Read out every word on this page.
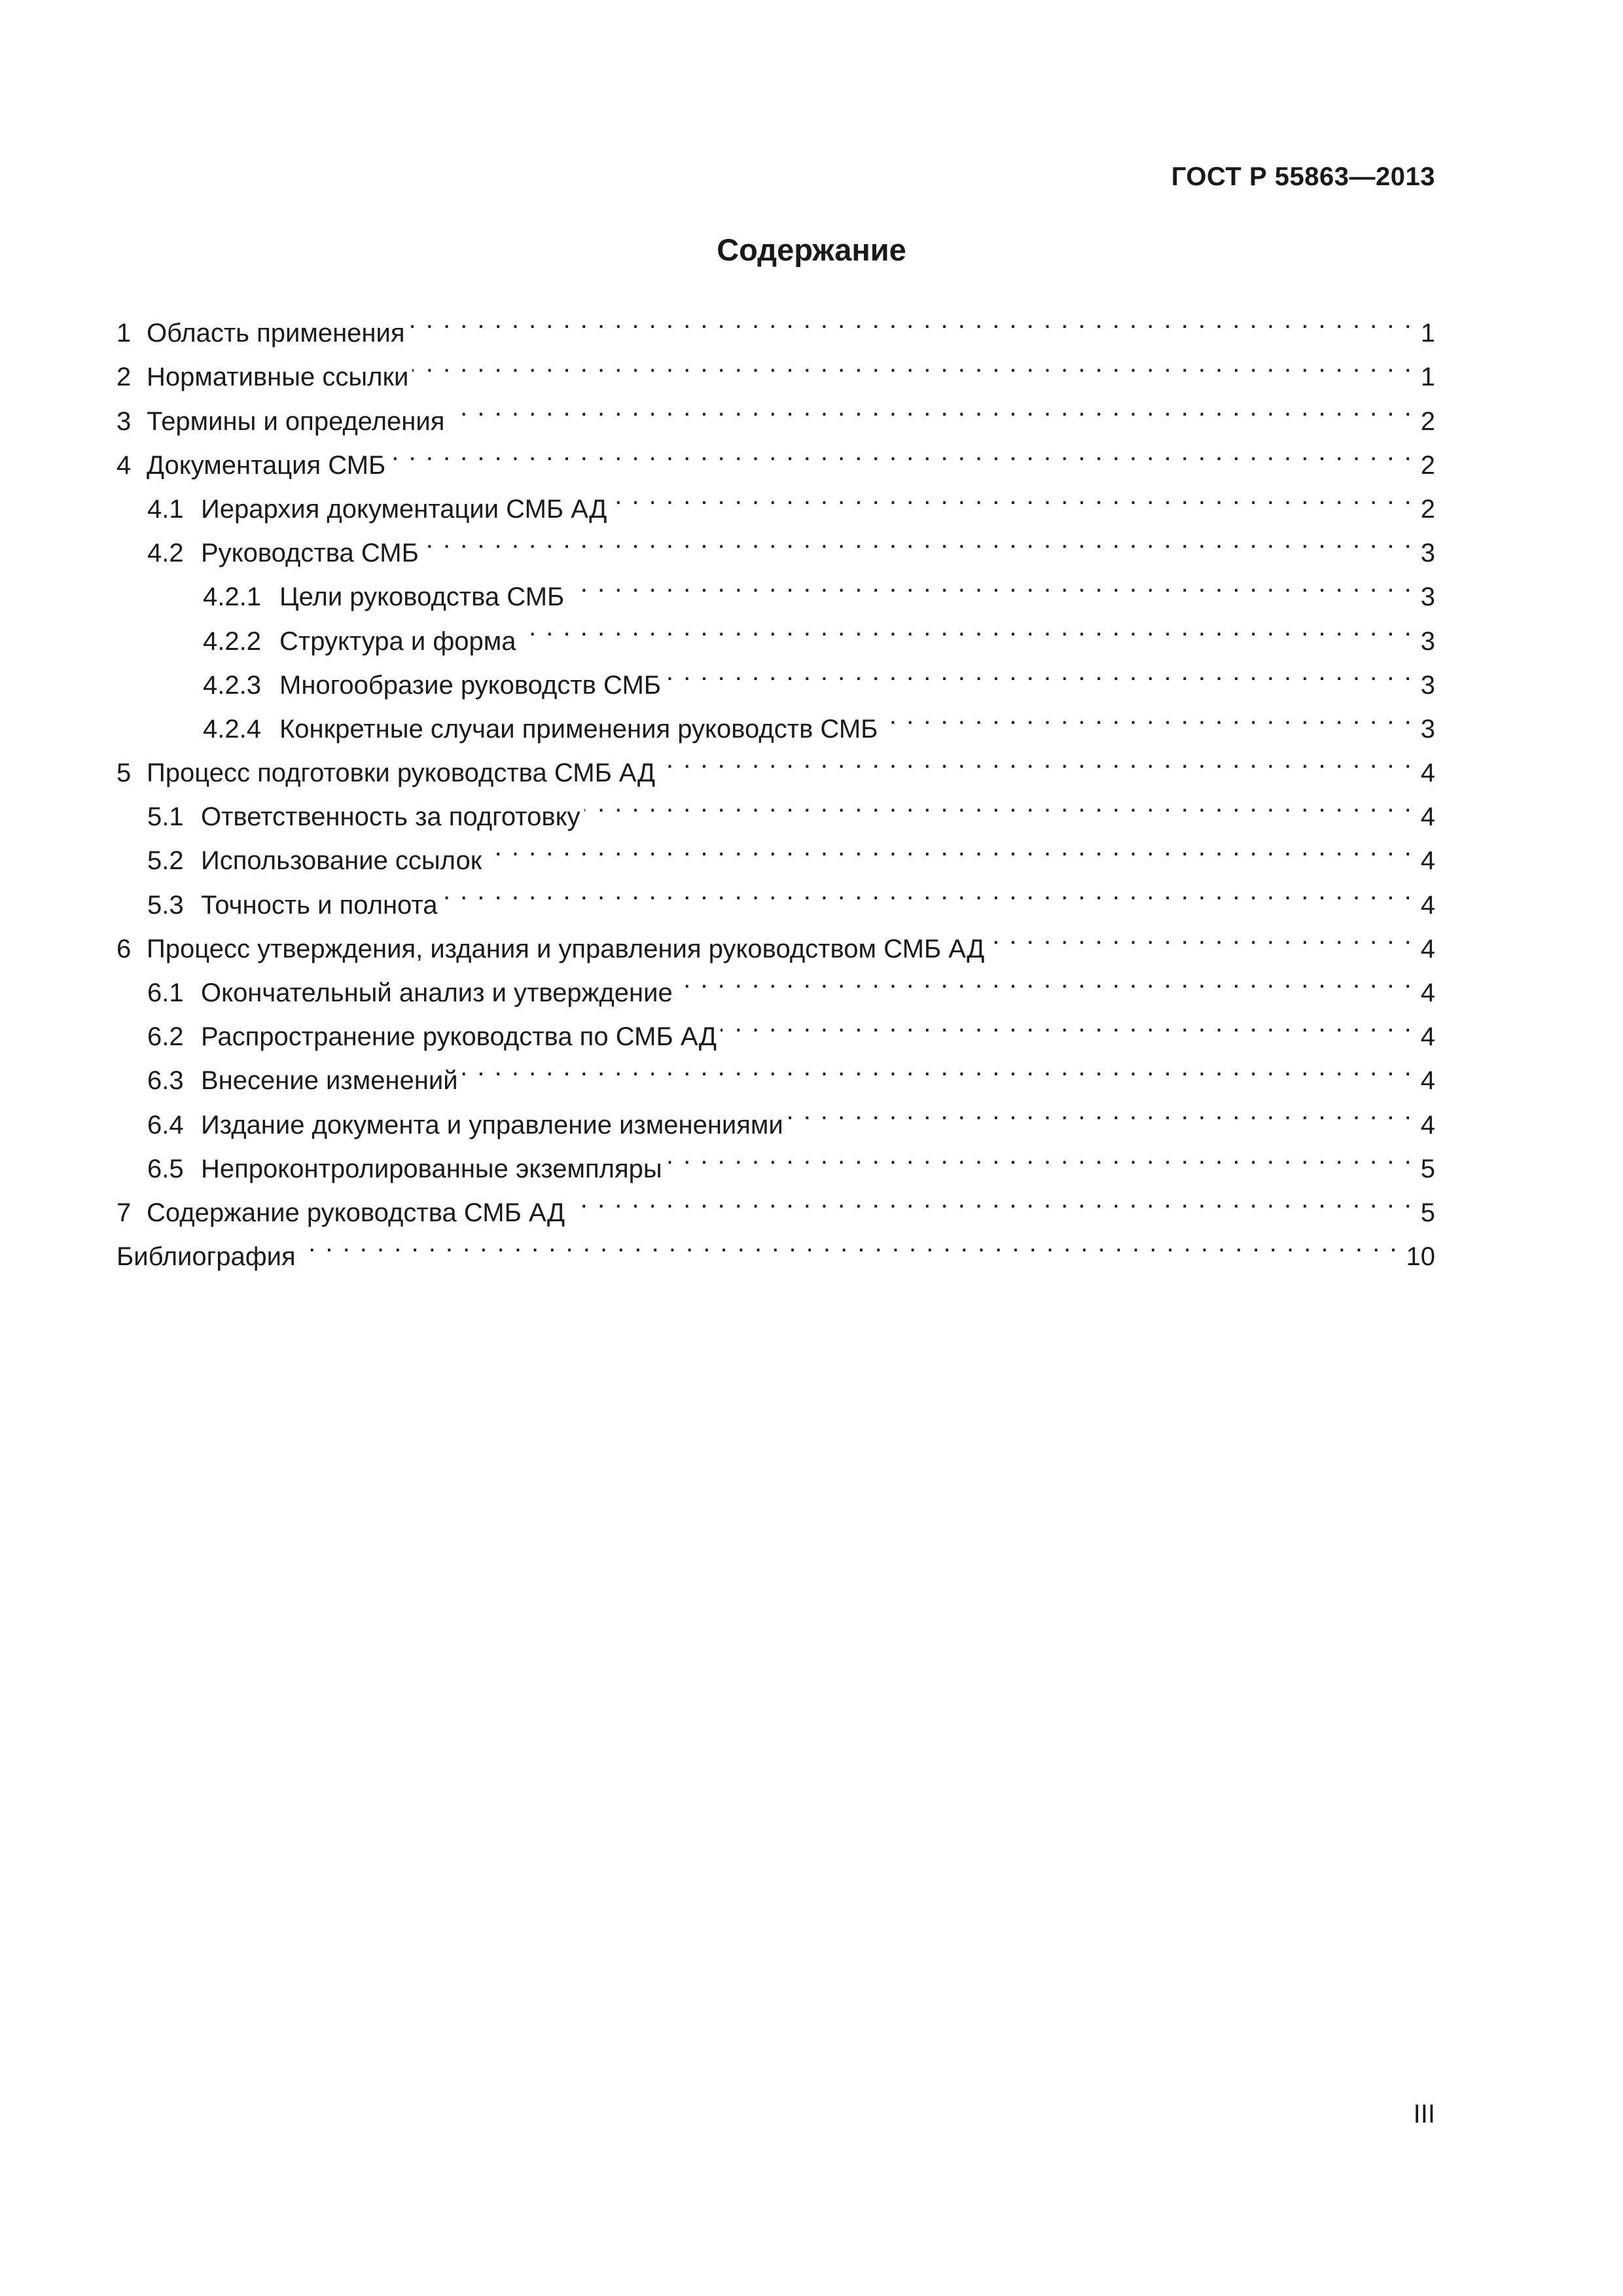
ГОСТ Р 55863—2013
Содержание
1 Область применения . . .	1
2 Нормативные ссылки . . .	1
3 Термины и определения . . .	2
4 Документация СМБ . . .	2
4.1 Иерархия документации СМБ АД . . .	2
4.2 Руководства СМБ . . .	3
4.2.1 Цели руководства СМБ . . .	3
4.2.2 Структура и форма . . .	3
4.2.3 Многообразие руководств СМБ . . .	3
4.2.4 Конкретные случаи применения руководств СМБ . . .	3
5 Процесс подготовки руководства СМБ АД . . .	4
5.1 Ответственность за подготовку . . .	4
5.2 Использование ссылок . . .	4
5.3 Точность и полнота . . .	4
6 Процесс утверждения, издания и управления руководством СМБ АД . . .	4
6.1 Окончательный анализ и утверждение . . .	4
6.2 Распространение руководства по СМБ АД . . .	4
6.3 Внесение изменений . . .	4
6.4 Издание документа и управление изменениями . . .	4
6.5 Непроконтролированные экземпляры . . .	5
7 Содержание руководства СМБ АД . . .	5
Библиография . . .	10
III
